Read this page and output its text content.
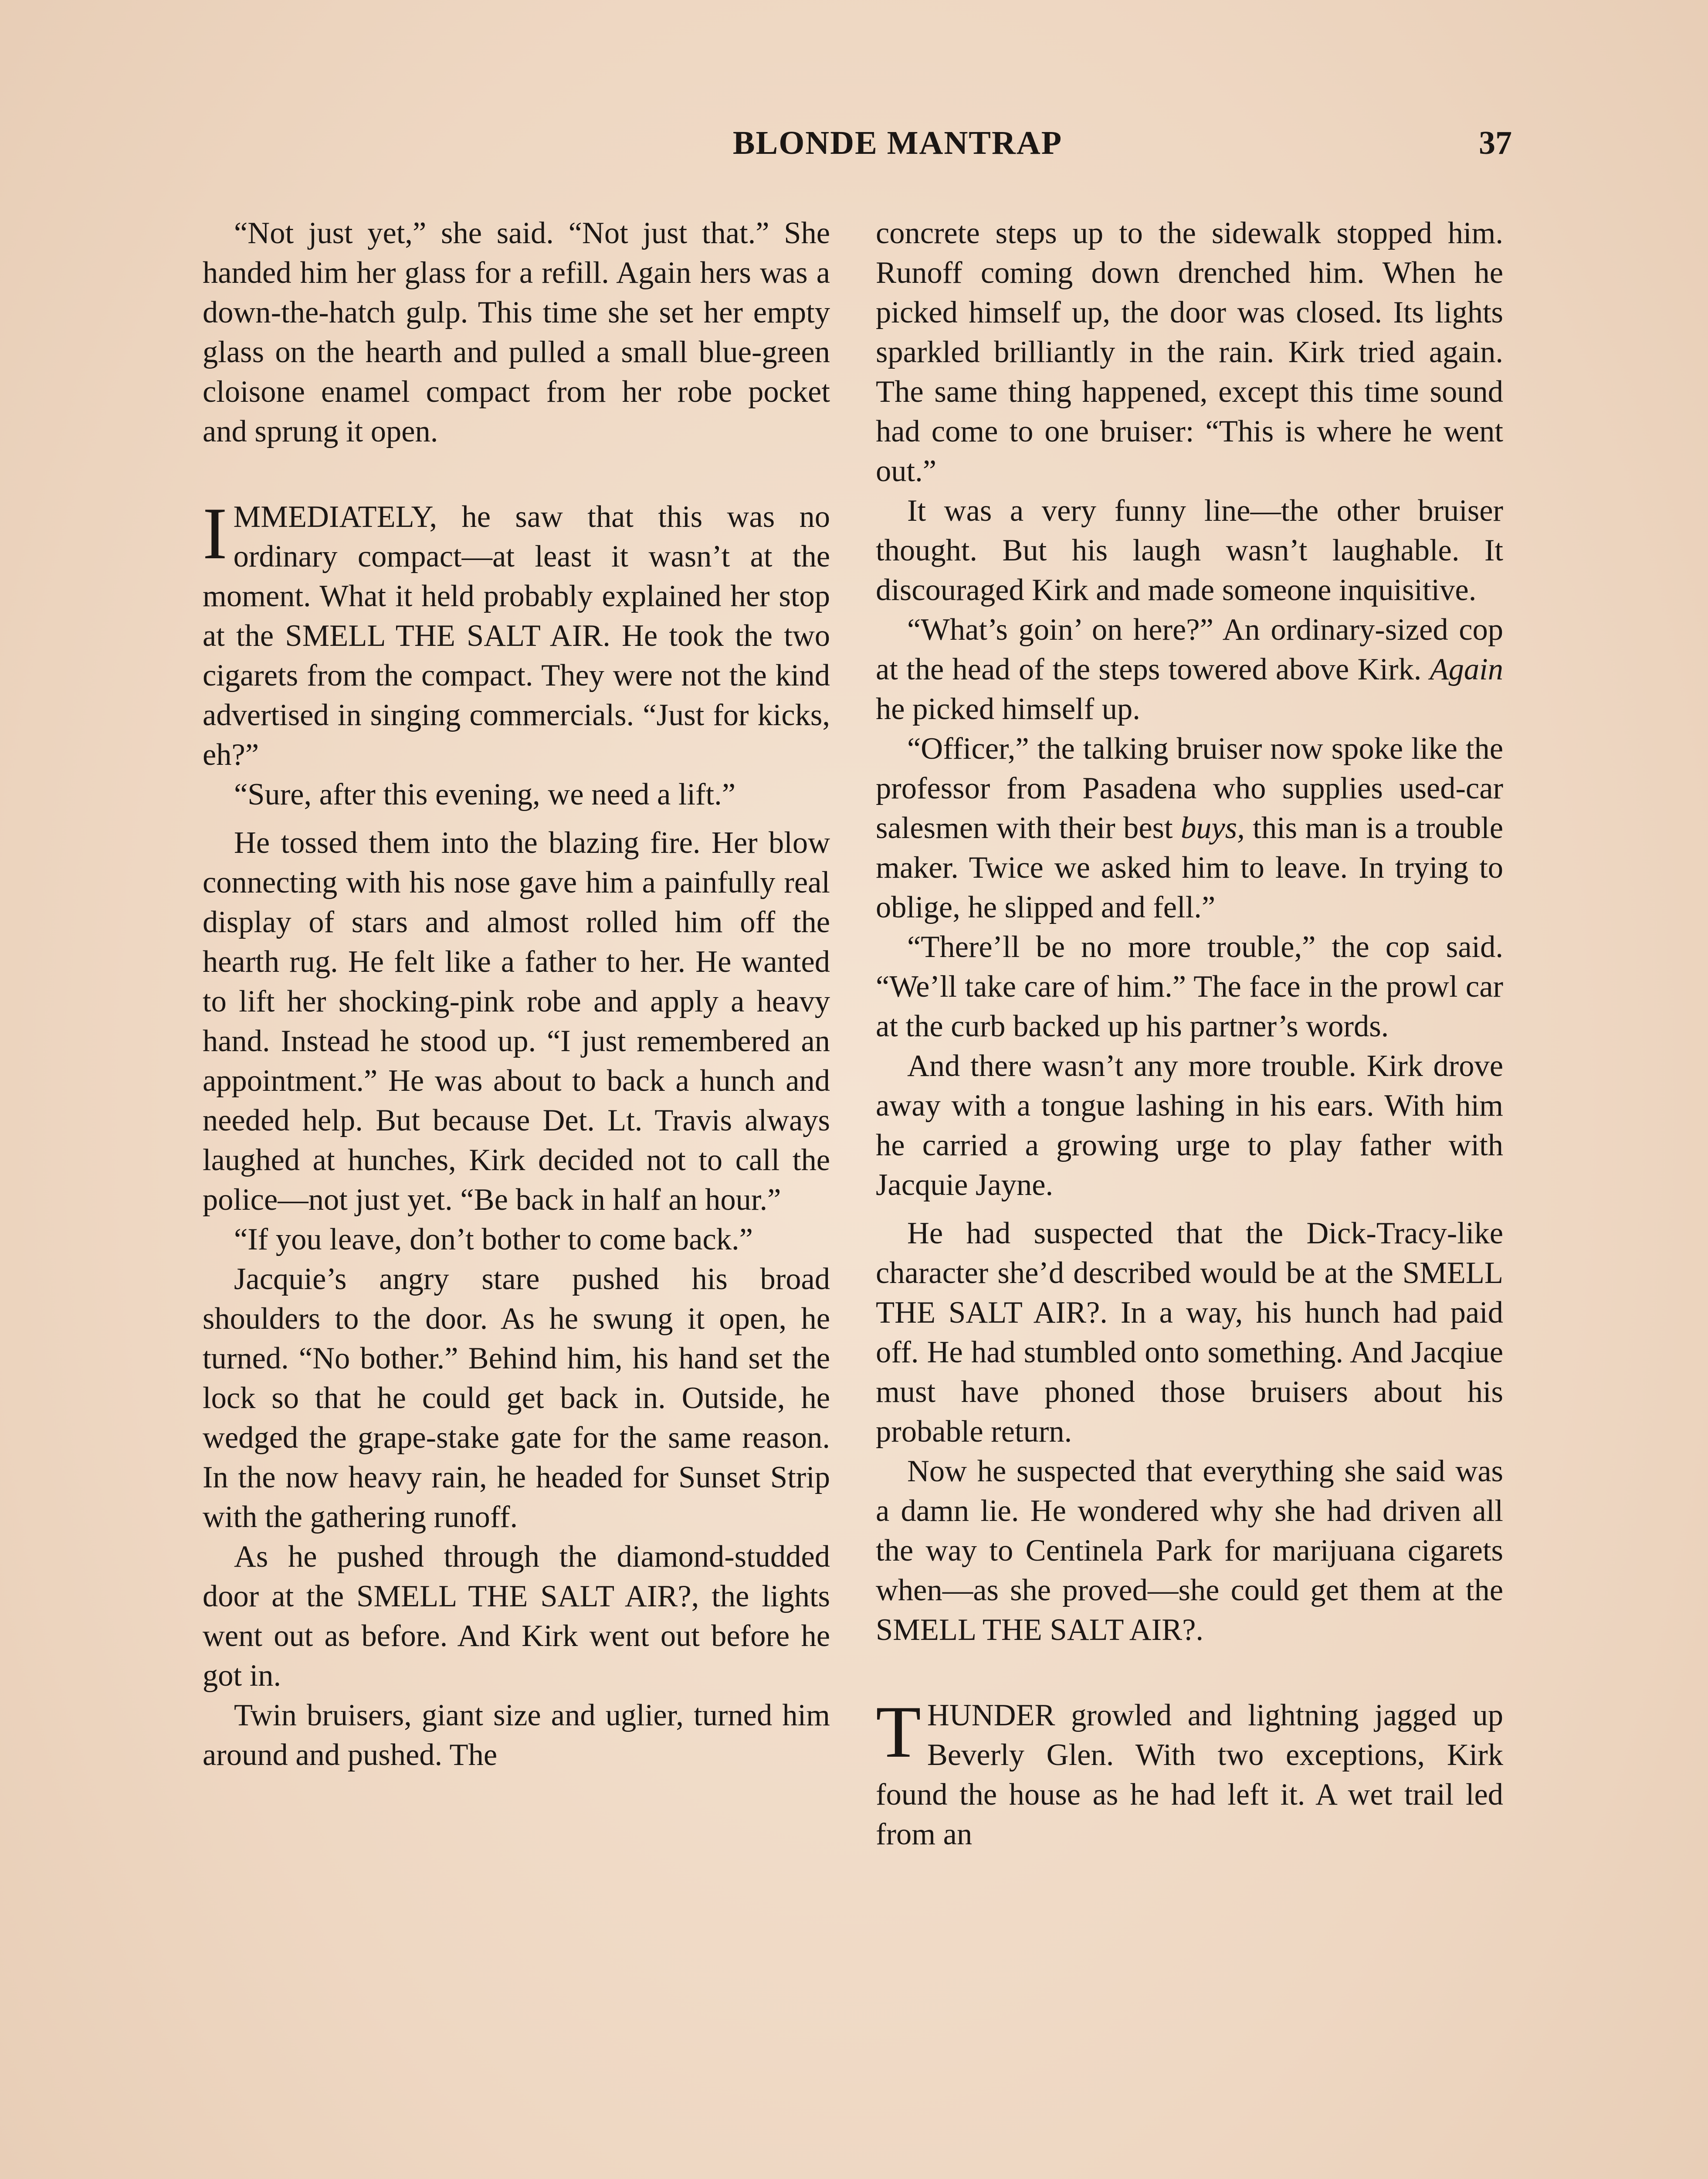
BLONDE MANTRAP	37

“Not just yet,” she said. “Not just that.” She handed him her glass for a refill. Again hers was a down-the-hatch gulp. This time she set her empty glass on the hearth and pulled a small blue-green cloisone enamel compact from her robe pocket and sprung it open.

IMMEDIATELY, he saw that this was no ordinary compact—at least it wasn’t at the moment. What it held probably explained her stop at the SMELL THE SALT AIR. He took the two cigarets from the compact. They were not the kind advertised in singing commercials. “Just for kicks, eh?”

“Sure, after this evening, we need a lift.”

He tossed them into the blazing fire. Her blow connecting with his nose gave him a painfully real display of stars and almost rolled him off the hearth rug. He felt like a father to her. He wanted to lift her shocking-pink robe and apply a heavy hand. Instead he stood up. “I just remembered an appointment.” He was about to back a hunch and needed help. But because Det. Lt. Travis always laughed at hunches, Kirk decided not to call the police—not just yet. “Be back in half an hour.”

“If you leave, don’t bother to come back.”

Jacquie’s angry stare pushed his broad shoulders to the door. As he swung it open, he turned. “No bother.” Behind him, his hand set the lock so that he could get back in. Outside, he wedged the grape-stake gate for the same reason. In the now heavy rain, he headed for Sunset Strip with the gathering runoff.

As he pushed through the diamond-studded door at the SMELL THE SALT AIR?, the lights went out as before. And Kirk went out before he got in.

Twin bruisers, giant size and uglier, turned him around and pushed. The

concrete steps up to the sidewalk stopped him. Runoff coming down drenched him. When he picked himself up, the door was closed. Its lights sparkled brilliantly in the rain. Kirk tried again. The same thing happened, except this time sound had come to one bruiser: “This is where he went out.”

It was a very funny line—the other bruiser thought. But his laugh wasn’t laughable. It discouraged Kirk and made someone inquisitive.

“What’s goin’ on here?” An ordinary-sized cop at the head of the steps towered above Kirk. Again he picked himself up.

“Officer,” the talking bruiser now spoke like the professor from Pasadena who supplies used-car salesmen with their best buys, this man is a trouble maker. Twice we asked him to leave. In trying to oblige, he slipped and fell.”

“There’ll be no more trouble,” the cop said. “We’ll take care of him.” The face in the prowl car at the curb backed up his partner’s words.

And there wasn’t any more trouble. Kirk drove away with a tongue lashing in his ears. With him he carried a growing urge to play father with Jacquie Jayne.

He had suspected that the Dick-Tracy-like character she’d described would be at the SMELL THE SALT AIR?. In a way, his hunch had paid off. He had stumbled onto something. And Jacqiue must have phoned those bruisers about his probable return.

Now he suspected that everything she said was a damn lie. He wondered why she had driven all the way to Centinela Park for marijuana cigarets when—as she proved—she could get them at the SMELL THE SALT AIR?.

THUNDER growled and lightning jagged up Beverly Glen. With two exceptions, Kirk found the house as he had left it. A wet trail led from an
